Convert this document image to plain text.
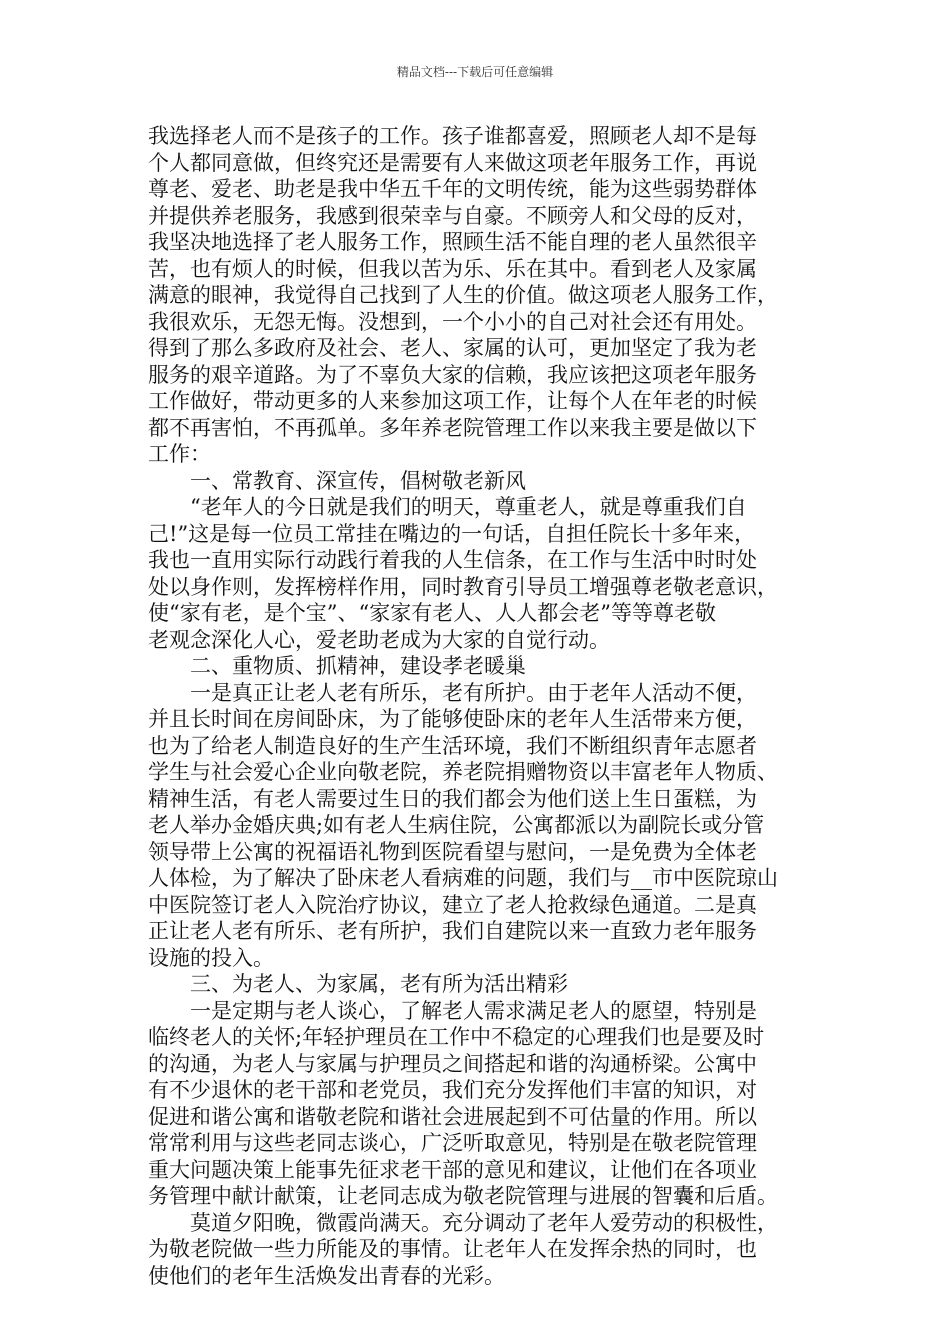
精品文档---下载后可任意编辑
我选择老人而不是孩子的工作。孩子谁都喜爱，照顾老人却不是每
个人都同意做，但终究还是需要有人来做这项老年服务工作，再说
尊老、爱老、助老是我中华五千年的文明传统，能为这些弱势群体
并提供养老服务，我感到很荣幸与自豪。不顾旁人和父母的反对，
我坚决地选择了老人服务工作，照顾生活不能自理的老人虽然很辛
苦，也有烦人的时候，但我以苦为乐、乐在其中。看到老人及家属
满意的眼神，我觉得自己找到了人生的价值。做这项老人服务工作，
我很欢乐，无怨无悔。没想到，一个小小的自己对社会还有用处。
得到了那么多政府及社会、老人、家属的认可，更加坚定了我为老
服务的艰辛道路。为了不辜负大家的信赖，我应该把这项老年服务
工作做好，带动更多的人来参加这项工作，让每个人在年老的时候
都不再害怕，不再孤单。多年养老院管理工作以来我主要是做以下
工作：
　　一、常教育、深宣传，倡树敬老新风
　　“老年人的今日就是我们的明天，尊重老人，就是尊重我们自
己!”这是每一位员工常挂在嘴边的一句话，自担任院长十多年来，
我也一直用实际行动践行着我的人生信条，在工作与生活中时时处
处以身作则，发挥榜样作用，同时教育引导员工增强尊老敬老意识，
使“家有老，是个宝”、“家家有老人、人人都会老”等等尊老敬
老观念深化人心，爱老助老成为大家的自觉行动。
　　二、重物质、抓精神，建设孝老暖巢
　　一是真正让老人老有所乐，老有所护。由于老年人活动不便，
并且长时间在房间卧床，为了能够使卧床的老年人生活带来方便，
也为了给老人制造良好的生产生活环境，我们不断组织青年志愿者
学生与社会爱心企业向敬老院，养老院捐赠物资以丰富老年人物质、
精神生活，有老人需要过生日的我们都会为他们送上生日蛋糕，为
老人举办金婚庆典;如有老人生病住院，公寓都派以为副院长或分管
领导带上公寓的祝福语礼物到医院看望与慰问，一是免费为全体老
人体检，为了解决了卧床老人看病难的问题，我们与__市中医院琼山
中医院签订老人入院治疗协议，建立了老人抢救绿色通道。二是真
正让老人老有所乐、老有所护，我们自建院以来一直致力老年服务
设施的投入。
　　三、为老人、为家属，老有所为活出精彩
　　一是定期与老人谈心，了解老人需求满足老人的愿望，特别是
临终老人的关怀;年轻护理员在工作中不稳定的心理我们也是要及时
的沟通，为老人与家属与护理员之间搭起和谐的沟通桥梁。公寓中
有不少退休的老干部和老党员，我们充分发挥他们丰富的知识，对
促进和谐公寓和谐敬老院和谐社会进展起到不可估量的作用。所以
常常利用与这些老同志谈心，广泛听取意见，特别是在敬老院管理
重大问题决策上能事先征求老干部的意见和建议，让他们在各项业
务管理中献计献策，让老同志成为敬老院管理与进展的智囊和后盾。
　　莫道夕阳晚，微霞尚满天。充分调动了老年人爱劳动的积极性，
为敬老院做一些力所能及的事情。让老年人在发挥余热的同时，也
使他们的老年生活焕发出青春的光彩。
